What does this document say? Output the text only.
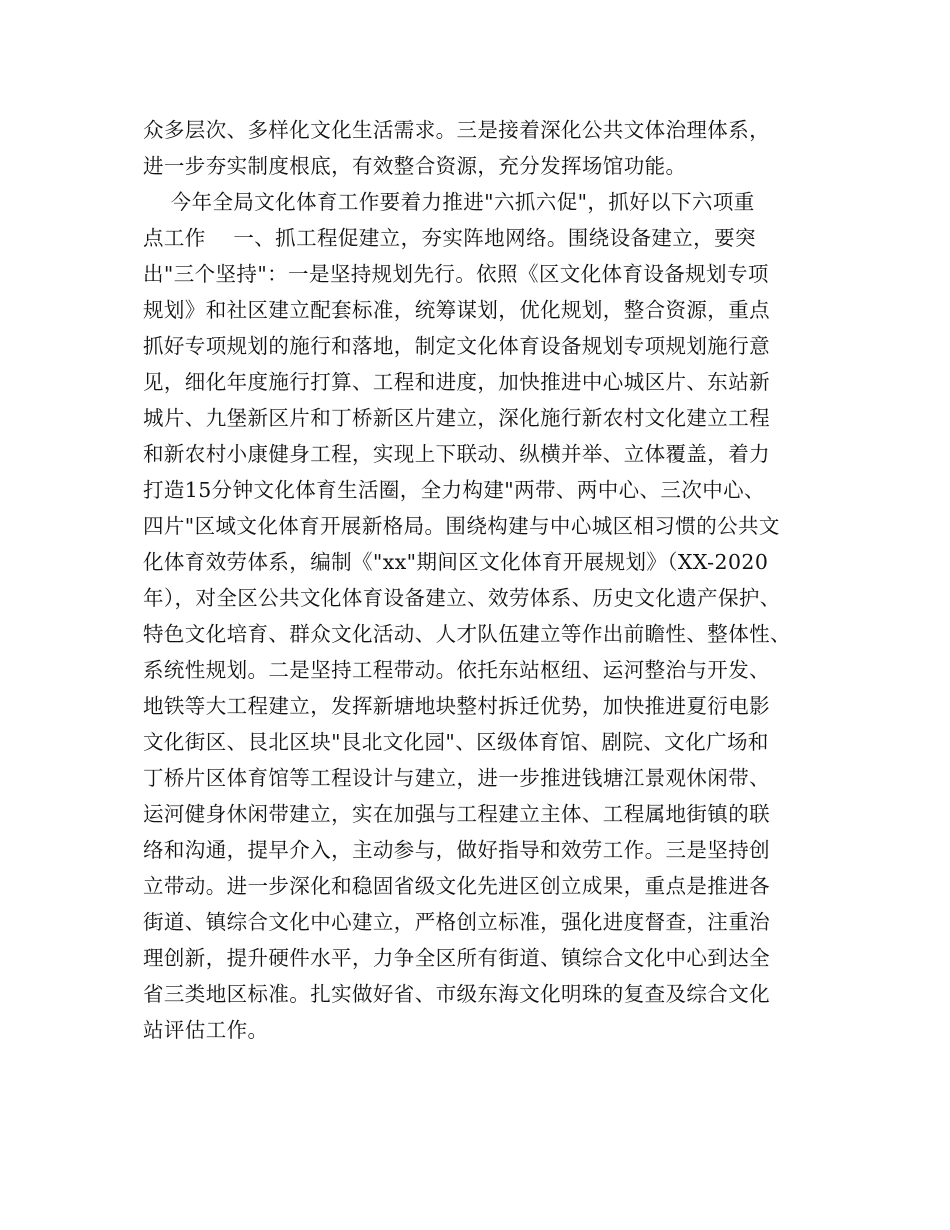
众多层次、多样化文化生活需求。三是接着深化公共文体治理体系，
进一步夯实制度根底，有效整合资源，充分发挥场馆功能。
今年全局文化体育工作要着力推进"六抓六促"，抓好以下六项重
点工作    一、抓工程促建立，夯实阵地网络。围绕设备建立，要突
出"三个坚持"：一是坚持规划先行。依照《区文化体育设备规划专项
规划》和社区建立配套标准，统筹谋划，优化规划，整合资源，重点
抓好专项规划的施行和落地，制定文化体育设备规划专项规划施行意
见，细化年度施行打算、工程和进度，加快推进中心城区片、东站新
城片、九堡新区片和丁桥新区片建立，深化施行新农村文化建立工程
和新农村小康健身工程，实现上下联动、纵横并举、立体覆盖，着力
打造15分钟文化体育生活圈，全力构建"两带、两中心、三次中心、
四片"区域文化体育开展新格局。围绕构建与中心城区相习惯的公共文
化体育效劳体系，编制《"xx"期间区文化体育开展规划》（XX-2020
年），对全区公共文化体育设备建立、效劳体系、历史文化遗产保护、
特色文化培育、群众文化活动、人才队伍建立等作出前瞻性、整体性、
系统性规划。二是坚持工程带动。依托东站枢纽、运河整治与开发、
地铁等大工程建立，发挥新塘地块整村拆迁优势，加快推进夏衍电影
文化街区、艮北区块"艮北文化园"、区级体育馆、剧院、文化广场和
丁桥片区体育馆等工程设计与建立，进一步推进钱塘江景观休闲带、
运河健身休闲带建立，实在加强与工程建立主体、工程属地街镇的联
络和沟通，提早介入，主动参与，做好指导和效劳工作。三是坚持创
立带动。进一步深化和稳固省级文化先进区创立成果，重点是推进各
街道、镇综合文化中心建立，严格创立标准，强化进度督查，注重治
理创新，提升硬件水平，力争全区所有街道、镇综合文化中心到达全
省三类地区标准。扎实做好省、市级东海文化明珠的复查及综合文化
站评估工作。
